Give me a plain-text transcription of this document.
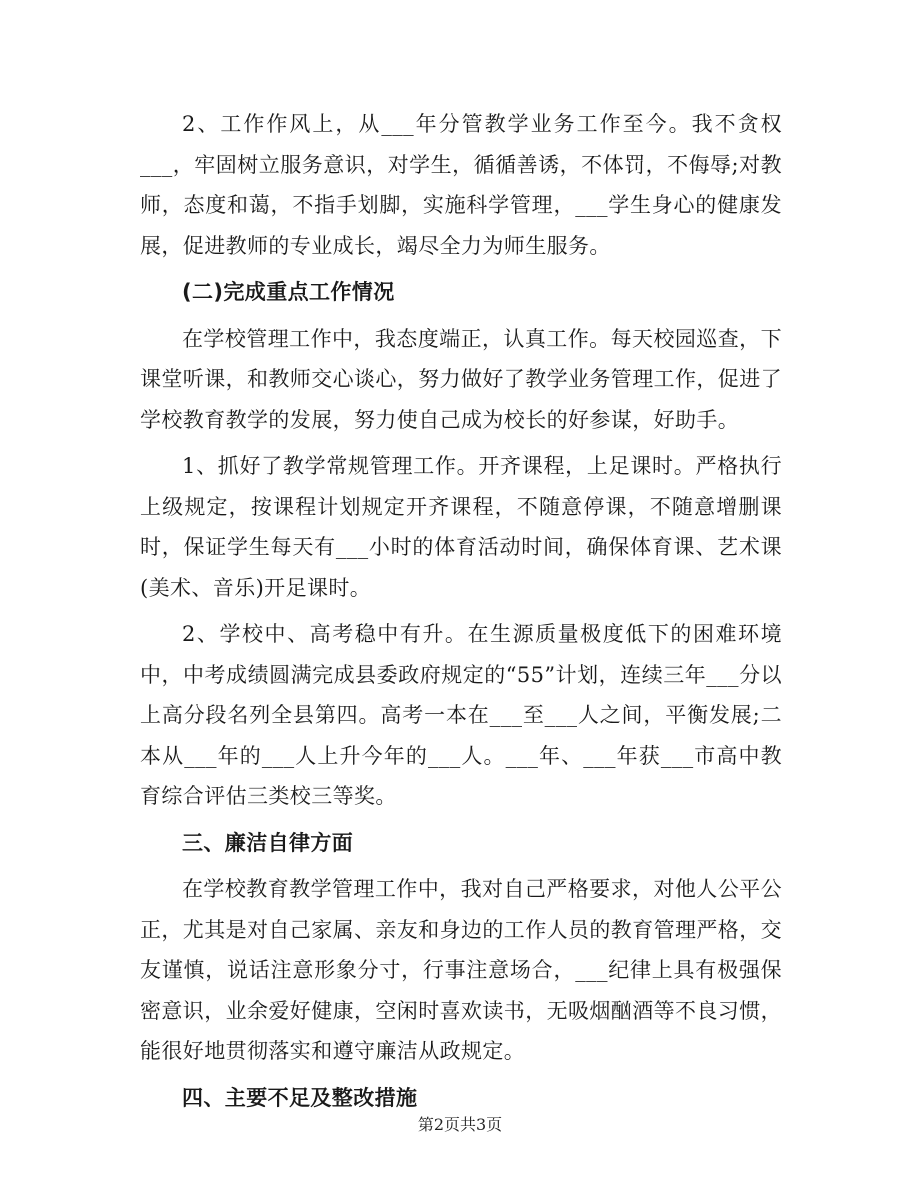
2、工作作风上，从___年分管教学业务工作至今。我不贪权___，牢固树立服务意识，对学生，循循善诱，不体罚，不侮辱;对教师，态度和蔼，不指手划脚，实施科学管理，___学生身心的健康发展，促进教师的专业成长，竭尽全力为师生服务。

(二)完成重点工作情况

在学校管理工作中，我态度端正，认真工作。每天校园巡查，下课堂听课，和教师交心谈心，努力做好了教学业务管理工作，促进了学校教育教学的发展，努力使自己成为校长的好参谋，好助手。

1、抓好了教学常规管理工作。开齐课程，上足课时。严格执行上级规定，按课程计划规定开齐课程，不随意停课，不随意增删课时，保证学生每天有___小时的体育活动时间，确保体育课、艺术课(美术、音乐)开足课时。

2、学校中、高考稳中有升。在生源质量极度低下的困难环境中，中考成绩圆满完成县委政府规定的“55”计划，连续三年___分以上高分段名列全县第四。高考一本在___至___人之间，平衡发展;二本从___年的___人上升今年的___人。___年、___年获___市高中教育综合评估三类校三等奖。

三、廉洁自律方面

在学校教育教学管理工作中，我对自己严格要求，对他人公平公正，尤其是对自己家属、亲友和身边的工作人员的教育管理严格，交友谨慎，说话注意形象分寸，行事注意场合，___纪律上具有极强保密意识，业余爱好健康，空闲时喜欢读书，无吸烟酗酒等不良习惯，能很好地贯彻落实和遵守廉洁从政规定。

四、主要不足及整改措施

第2页共3页
